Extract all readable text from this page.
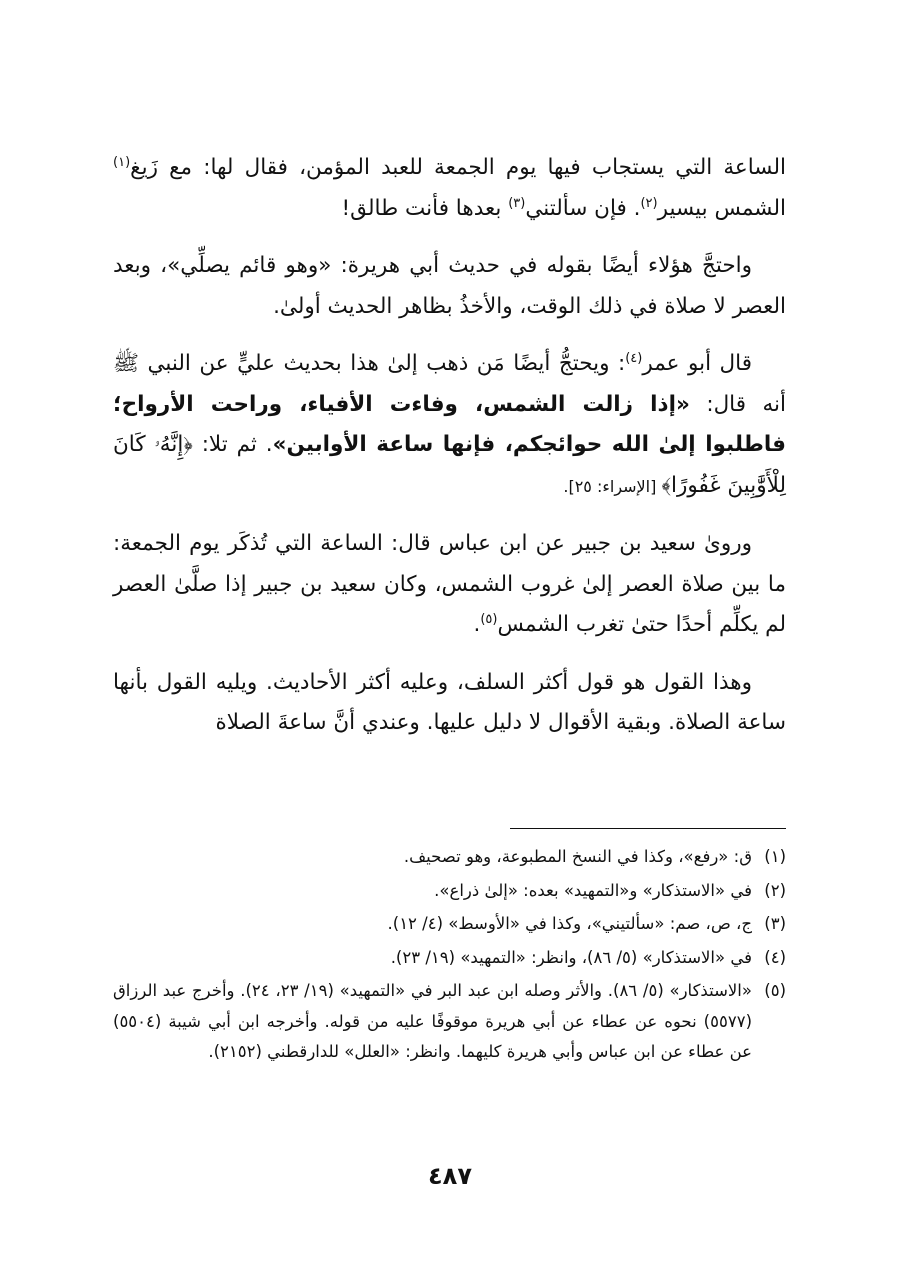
الساعة التي يستجاب فيها يوم الجمعة للعبد المؤمن، فقال لها: مع زَيغ$^{(١)}$ الشمس بيسير$^{(٢)}$. فإن سألتني$^{(٣)}$ بعدها فأنت طالق!

واحتجَّ هؤلاء أيضًا بقوله في حديث أبي هريرة: «وهو قائم يصلِّي»، وبعد العصر لا صلاة في ذلك الوقت، والأخذُ بظاهر الحديث أولىٰ.

قال أبو عمر$^{(٤)}$: ويحتجُّ أيضًا مَن ذهب إلىٰ هذا بحديث عليٍّ عن النبي ﷺ أنه قال: «إذا زالت الشمس، وفاءت الأفياء، وراحت الأرواح؛ فاطلبوا إلىٰ الله حوائجكم، فإنها ساعة الأوابين». ثم تلا: ﴿إِنَّهُۥ كَانَ لِلْأَوَّٰبِينَ غَفُورًا﴾ [الإسراء: ٢٥].

وروىٰ سعيد بن جبير عن ابن عباس قال: الساعة التي تُذكَر يوم الجمعة: ما بين صلاة العصر إلىٰ غروب الشمس، وكان سعيد بن جبير إذا صلَّىٰ العصر لم يكلِّم أحدًا حتىٰ تغرب الشمس$^{(٥)}$.

وهذا القول هو قول أكثر السلف، وعليه أكثر الأحاديث. ويليه القول بأنها ساعة الصلاة. وبقية الأقوال لا دليل عليها. وعندي أنَّ ساعةَ الصلاة

(١)
ق: «رفع»، وكذا في النسخ المطبوعة، وهو تصحيف.
(٢)
في «الاستذكار» و«التمهيد» بعده: «إلىٰ ذراع».
(٣)
ج، ص، صم: «سألتيني»، وكذا في «الأوسط» (٤/ ١٢).
(٤)
في «الاستذكار» (٥/ ٨٦)، وانظر: «التمهيد» (١٩/ ٢٣).
(٥)
«الاستذكار» (٥/ ٨٦). والأثر وصله ابن عبد البر في «التمهيد» (١٩/ ٢٣، ٢٤). وأخرج عبد الرزاق (٥٥٧٧) نحوه عن عطاء عن أبي هريرة موقوفًا عليه من قوله. وأخرجه ابن أبي شيبة (٥٥٠٤) عن عطاء عن ابن عباس وأبي هريرة كليهما. وانظر: «العلل» للدارقطني (٢١٥٢).
٤٨٧
